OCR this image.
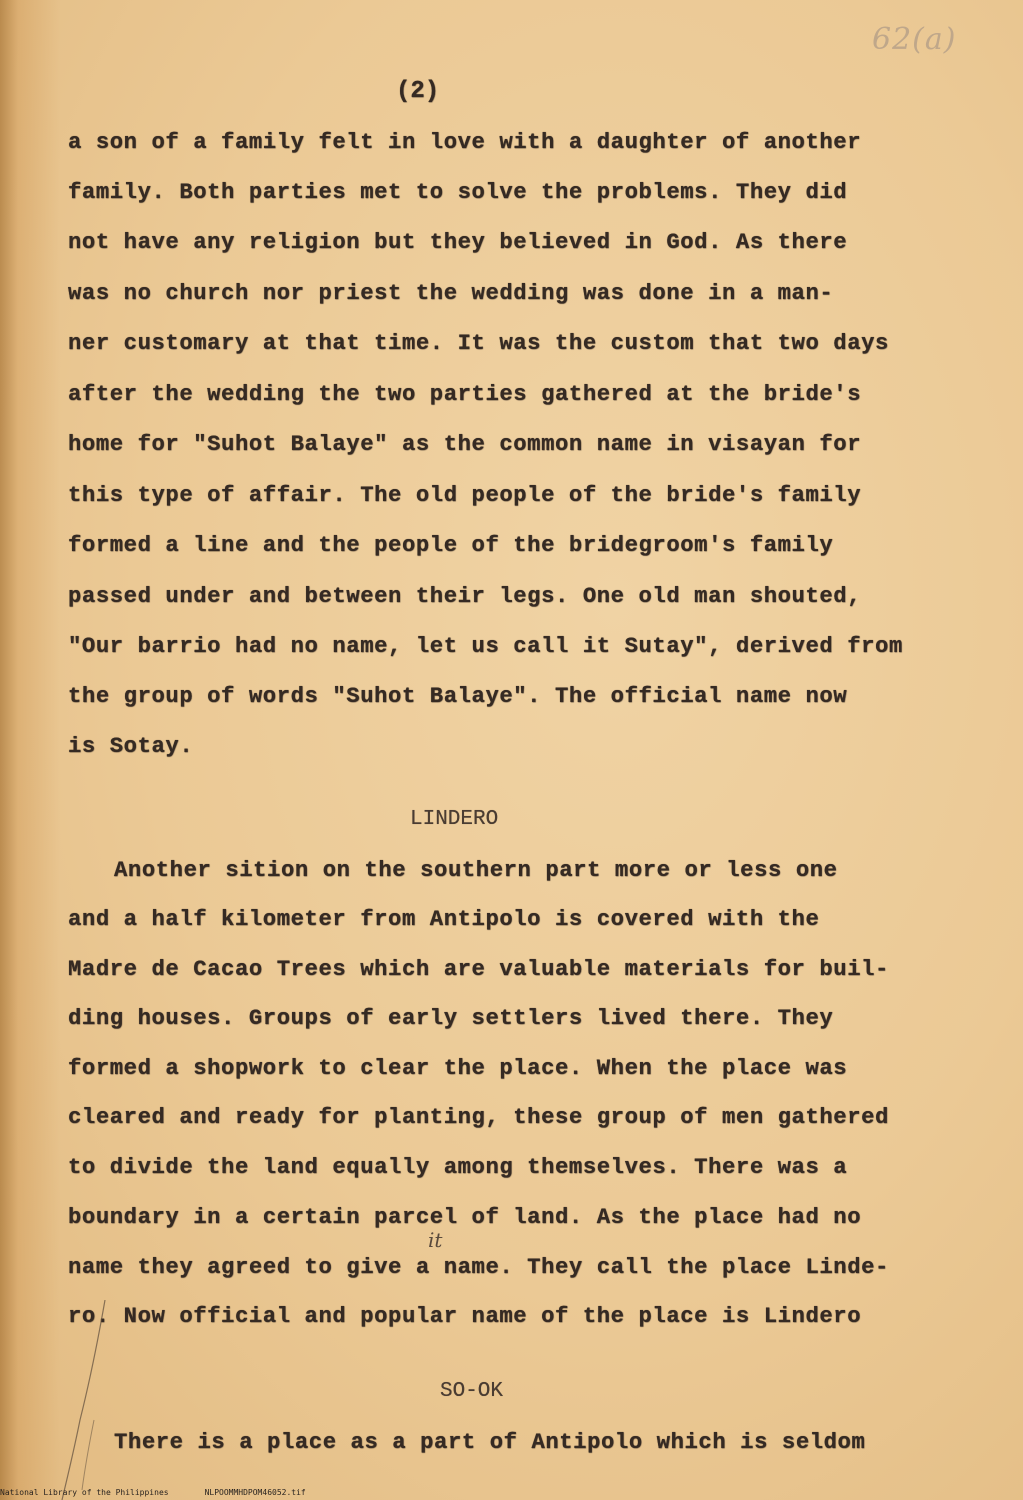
62(a)
(2)
a son of a family felt in love with a daughter of another
family. Both parties met to solve the problems. They did
not have any religion but they believed in God. As there
was no church nor priest the wedding was done in a man-
ner customary at that time. It was the custom that two days
after the wedding the two parties gathered at the bride's
home for "Suhot Balaye" as the common name in visayan for
this type of affair. The old people of the bride's family
formed a line and the people of the bridegroom's family
passed under and between their legs. One old man shouted,
"Our barrio had no name, let us call it Sutay", derived from
the group of words "Suhot Balaye". The official name now
is Sotay.
LINDERO
Another sition on the southern part more or less one
and a half kilometer from Antipolo is covered with the
Madre de Cacao Trees which are valuable materials for buil-
ding houses. Groups of early settlers lived there. They
formed a shopwork to clear the place. When the place was
cleared and ready for planting, these group of men gathered
to divide the land equally among themselves. There was a
boundary in a certain parcel of land. As the place had no
name they agreed to give a name. They call the place Linde-
ro. Now official and popular name of the place is Lindero
it
SO-OK
There is a place as a part of Antipolo which is seldom
National Library of the Philippines	NLPOOMMHDPOM46052.tif
